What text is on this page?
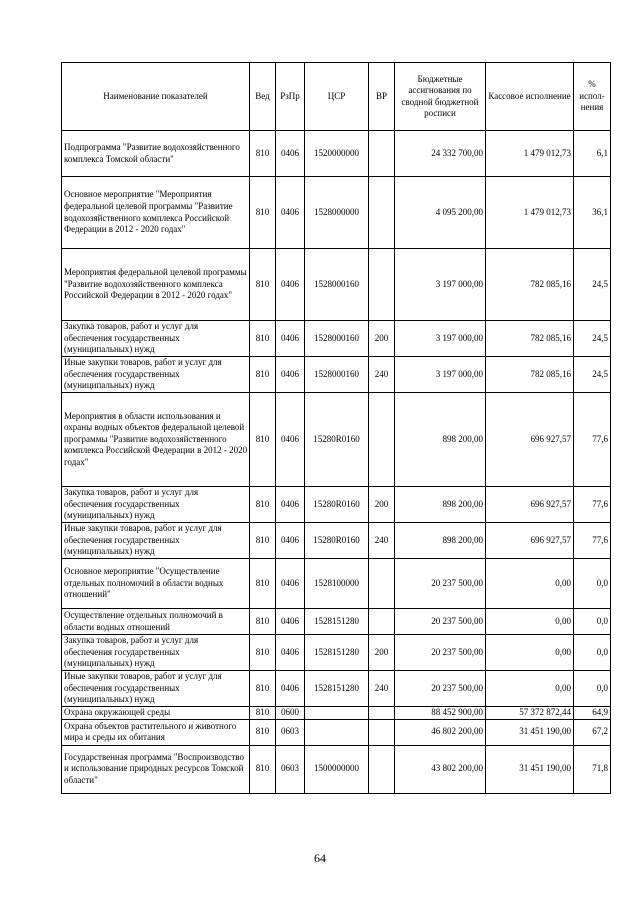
Наименование показателей	Вед	РзПр	ЦСР	ВР	Бюджетные ассигнования по сводной бюджетной росписи	Кассовое исполнение	% испол- нения
Подпрограмма "Развитие водохозяйственного комплекса Томской области"	810	0406	1520000000		24 332 700,00	1 479 012,73	6,1
Основное мероприятие "Мероприятия федеральной целевой программы "Развитие водохозяйственного комплекса Российской Федерации в 2012 - 2020 годах"	810	0406	1528000000		4 095 200,00	1 479 012,73	36,1
Мероприятия федеральной целевой программы "Развитие водохозяйственного комплекса Российской Федерации в 2012 - 2020 годах"	810	0406	1528000160		3 197 000,00	782 085,16	24,5
Закупка товаров, работ и услуг для обеспечения государственных (муниципальных) нужд	810	0406	1528000160	200	3 197 000,00	782 085,16	24,5
Иные закупки товаров, работ и услуг для обеспечения государственных (муниципальных) нужд	810	0406	1528000160	240	3 197 000,00	782 085,16	24,5
Мероприятия в области использования и охраны водных объектов федеральной целевой программы "Развитие водохозяйственного комплекса Российской Федерации в 2012 - 2020 годах"	810	0406	15280R0160		898 200,00	696 927,57	77,6
Закупка товаров, работ и услуг для обеспечения государственных (муниципальных) нужд	810	0406	15280R0160	200	898 200,00	696 927,57	77,6
Иные закупки товаров, работ и услуг для обеспечения государственных (муниципальных) нужд	810	0406	15280R0160	240	898 200,00	696 927,57	77,6
Основное мероприятие "Осуществление отдельных полномочий в области водных отношений"	810	0406	1528100000		20 237 500,00	0,00	0,0
Осуществление отдельных полномочий в области водных отношений	810	0406	1528151280		20 237 500,00	0,00	0,0
Закупка товаров, работ и услуг для обеспечения государственных (муниципальных) нужд	810	0406	1528151280	200	20 237 500,00	0,00	0,0
Иные закупки товаров, работ и услуг для обеспечения государственных (муниципальных) нужд	810	0406	1528151280	240	20 237 500,00	0,00	0,0
Охрана окружающей среды	810	0600			88 452 900,00	57 372 872,44	64,9
Охрана объектов растительного и животного мира и среды их обитания	810	0603			46 802 200,00	31 451 190,00	67,2
Государственная программа "Воспроизводство и использование природных ресурсов Томской области"	810	0603	1500000000		43 802 200,00	31 451 190,00	71,8
64
